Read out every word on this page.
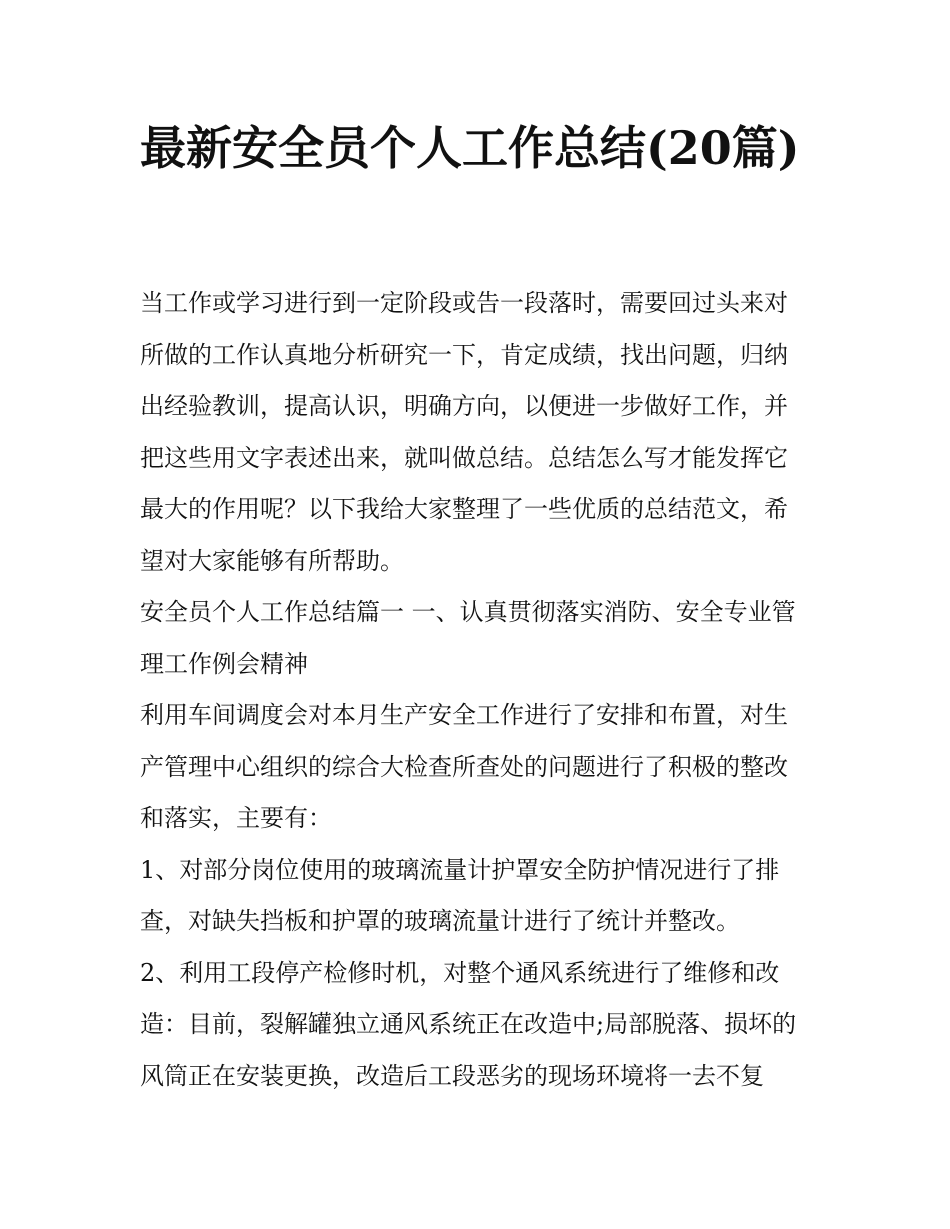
最新安全员个人工作总结(20篇)

当工作或学习进行到一定阶段或告一段落时，需要回过头来对所做的工作认真地分析研究一下，肯定成绩，找出问题，归纳出经验教训，提高认识，明确方向，以便进一步做好工作，并把这些用文字表述出来，就叫做总结。总结怎么写才能发挥它最大的作用呢？以下我给大家整理了一些优质的总结范文，希望对大家能够有所帮助。

安全员个人工作总结篇一 一、认真贯彻落实消防、安全专业管理工作例会精神

利用车间调度会对本月生产安全工作进行了安排和布置，对生产管理中心组织的综合大检查所查处的问题进行了积极的整改和落实，主要有：

1、对部分岗位使用的玻璃流量计护罩安全防护情况进行了排查，对缺失挡板和护罩的玻璃流量计进行了统计并整改。

2、利用工段停产检修时机，对整个通风系统进行了维修和改造：目前，裂解罐独立通风系统正在改造中;局部脱落、损坏的风筒正在安装更换，改造后工段恶劣的现场环境将一去不复
